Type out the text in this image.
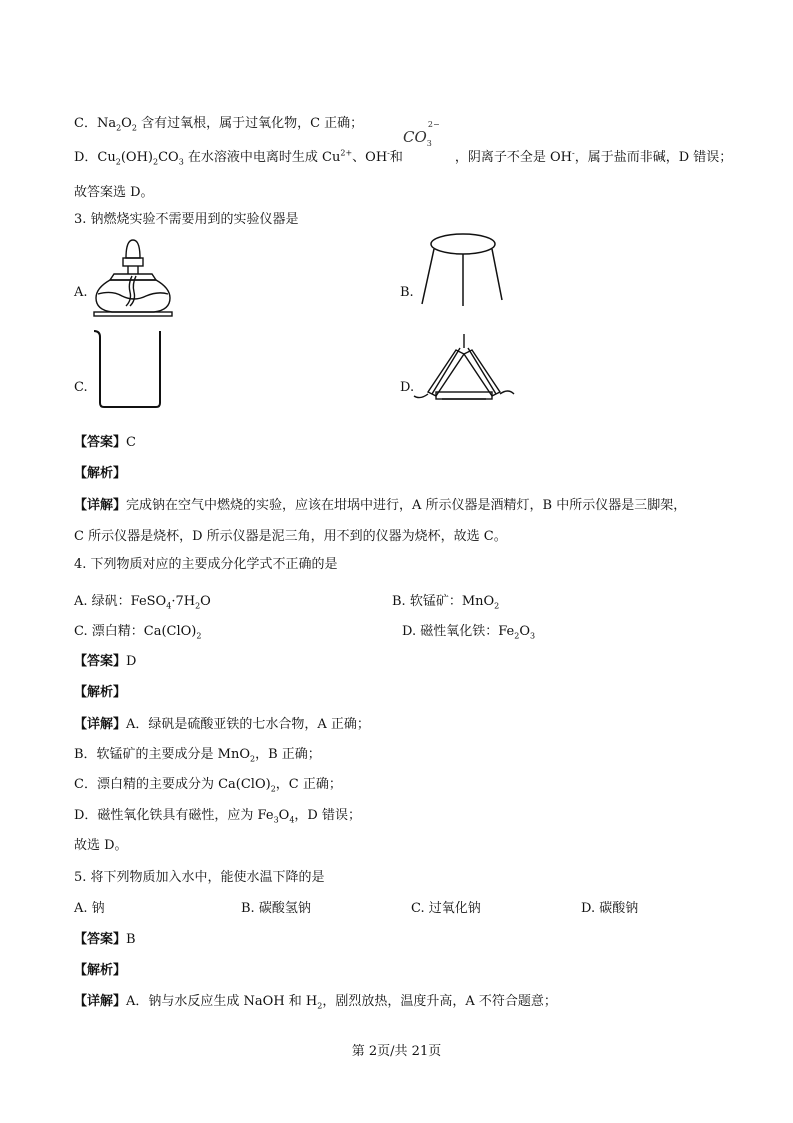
C．$Na_2O_2$ 含有过氧根，属于过氧化物，C 正确；
D．$Cu_2(OH)_2CO_3$ 在水溶液中电离时生成 $Cu^{2+}$、OH-和	，阴离子不全是 OH-，属于盐而非碱，D 错误；
$CO_3^{2-}$
故答案选 D。
3. 钠燃烧实验不需要用到的实验仪器是
A.	B.
C.	D.
【答案】C
【解析】
【详解】完成钠在空气中燃烧的实验，应该在坩埚中进行，A 所示仪器是酒精灯，B 中所示仪器是三脚架，
C 所示仪器是烧杯，D 所示仪器是泥三角，用不到的仪器为烧杯，故选 C。
4. 下列物质对应的主要成分化学式不正确的是
A. 绿矾：$FeSO_4\cdot 7H_2O$	B. 软锰矿：MnO$_2$
C. 漂白精：$Ca(ClO)_2$	D. 磁性氧化铁：$Fe_2O_3$
【答案】D
【解析】
【详解】A．绿矾是硫酸亚铁的七水合物，A 正确；
B．软锰矿的主要成分是 MnO$_2$，B 正确；
C．漂白精的主要成分为 $Ca(ClO)_2$，C 正确；
D．磁性氧化铁具有磁性，应为 $Fe_3O_4$，D 错误；
故选 D。
5. 将下列物质加入水中，能使水温下降的是
A. 钠	B. 碳酸氢钠	C. 过氧化钠	D. 碳酸钠
【答案】B
【解析】
【详解】A．钠与水反应生成 NaOH 和 $H_2$，剧烈放热，温度升高，A 不符合题意；
第 2页/共 21页
